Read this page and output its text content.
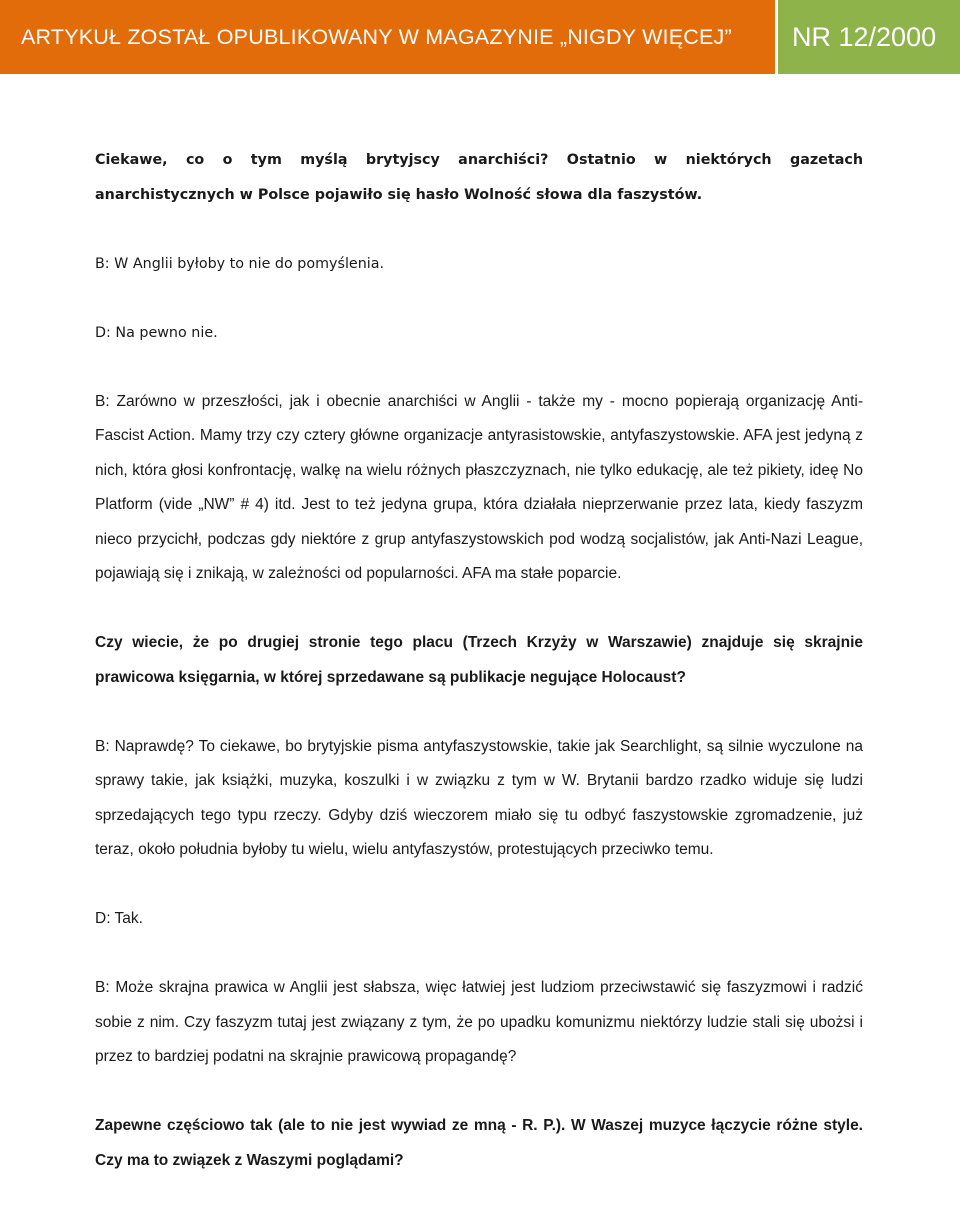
ARTYKUŁ ZOSTAŁ OPUBLIKOWANY W MAGAZYNIE „NIGDY WIĘCEJ”	NR 12/2000

Ciekawe, co o tym myślą brytyjscy anarchiści? Ostatnio w niektórych gazetach anarchistycznych w Polsce pojawiło się hasło Wolność słowa dla faszystów.

B: W Anglii byłoby to nie do pomyślenia.

D: Na pewno nie.

B: Zarówno w przeszłości, jak i obecnie anarchiści w Anglii - także my - mocno popierają organizację Anti-Fascist Action. Mamy trzy czy cztery główne organizacje antyrasistowskie, antyfaszystowskie. AFA jest jedyną z nich, która głosi konfrontację, walkę na wielu różnych płaszczyznach, nie tylko edukację, ale też pikiety, ideę No Platform (vide „NW” # 4) itd. Jest to też jedyna grupa, która działała nieprzerwanie przez lata, kiedy faszyzm nieco przycichł, podczas gdy niektóre z grup antyfaszystowskich pod wodzą socjalistów, jak Anti-Nazi League, pojawiają się i znikają, w zależności od popularności. AFA ma stałe poparcie.

Czy wiecie, że po drugiej stronie tego placu (Trzech Krzyży w Warszawie) znajduje się skrajnie prawicowa księgarnia, w której sprzedawane są publikacje negujące Holocaust?

B: Naprawdę? To ciekawe, bo brytyjskie pisma antyfaszystowskie, takie jak Searchlight, są silnie wyczulone na sprawy takie, jak książki, muzyka, koszulki i w związku z tym w W. Brytanii bardzo rzadko widuje się ludzi sprzedających tego typu rzeczy. Gdyby dziś wieczorem miało się tu odbyć faszystowskie zgromadzenie, już teraz, około południa byłoby tu wielu, wielu antyfaszystów, protestujących przeciwko temu.

D: Tak.

B: Może skrajna prawica w Anglii jest słabsza, więc łatwiej jest ludziom przeciwstawić się faszyzmowi i radzić sobie z nim. Czy faszyzm tutaj jest związany z tym, że po upadku komunizmu niektórzy ludzie stali się ubożsi i przez to bardziej podatni na skrajnie prawicową propagandę?

Zapewne częściowo tak (ale to nie jest wywiad ze mną - R. P.). W Waszej muzyce łączycie różne style. Czy ma to związek z Waszymi poglądami?
